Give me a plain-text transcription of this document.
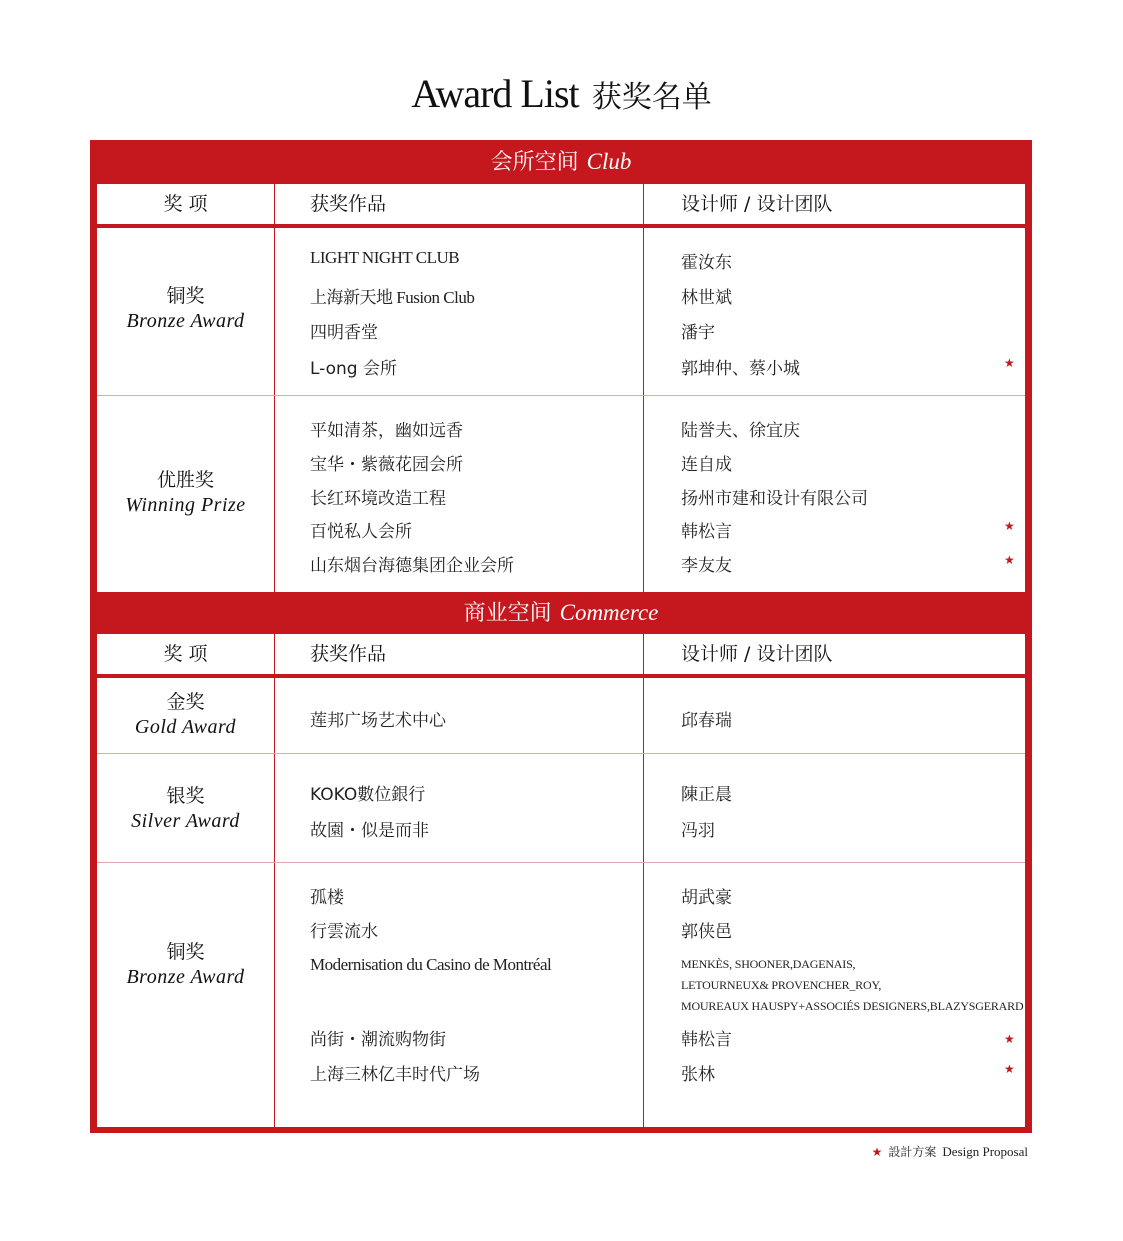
Award List 获奖名单
会所空间 Club
奖 项	获奖作品	设计师 / 设计团队
铜奖
Bronze Award
LIGHT NIGHT CLUB	霍汝东
上海新天地 Fusion Club	林世斌
四明香堂	潘宇
L-ong 会所	郭坤仲、蔡小城	★
优胜奖
Winning Prize
平如清茶，幽如远香	陆誉夫、徐宜庆
宝华・紫薇花园会所	连自成
长红环境改造工程	扬州市建和设计有限公司
百悦私人会所	韩松言	★
山东烟台海德集团企业会所	李友友	★
商业空间 Commerce
奖 项	获奖作品	设计师 / 设计团队
金奖
Gold Award	莲邦广场艺术中心	邱春瑞
银奖
Silver Award
KOKO數位銀行	陳正晨
故園・似是而非	冯羽
铜奖
Bronze Award
孤楼	胡武豪
行雲流水	郭侠邑
Modernisation du Casino de Montréal	MENKÈS, SHOONER,DAGENAIS,
LETOURNEUX& PROVENCHER_ROY,
MOUREAUX HAUSPY+ASSOCIÉS DESIGNERS,BLAZYSGERARD
尚街・潮流购物街	韩松言	★
上海三林亿丰时代广场	张林	★
★ 設計方案 Design Proposal
